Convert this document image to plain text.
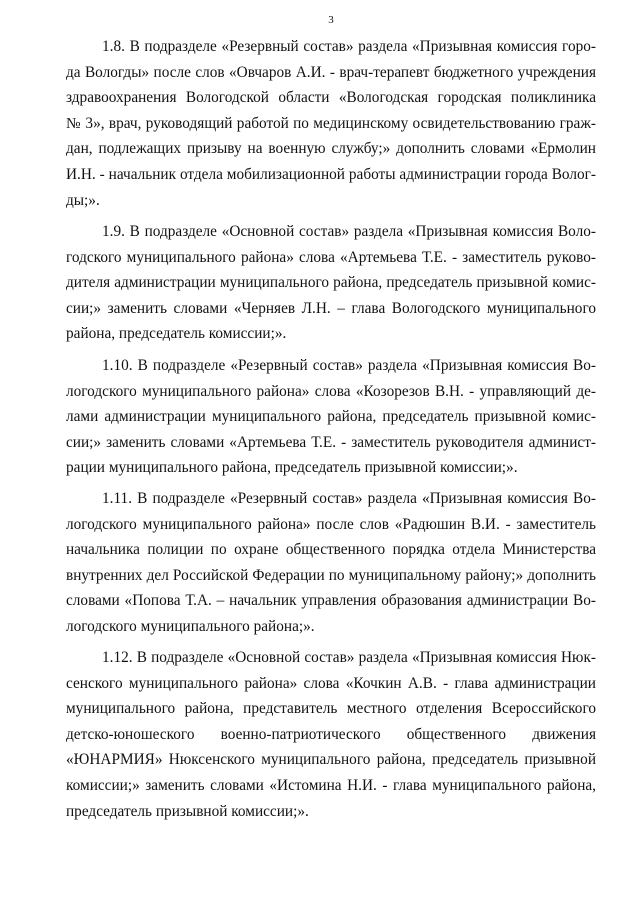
3
1.8. В подразделе «Резервный состав» раздела «Призывная комиссия горо-
да Вологды» после слов «Овчаров А.И. - врач-терапевт бюджетного учреждения
здравоохранения Вологодской области «Вологодская городская поликлиника
№ 3», врач, руководящий работой по медицинскому освидетельствованию граж-
дан, подлежащих призыву на военную службу;» дополнить словами «Ермолин
И.Н. - начальник отдела мобилизационной работы администрации города Волог-
ды;».
1.9. В подразделе «Основной состав» раздела «Призывная комиссия Воло-
годского муниципального района» слова «Артемьева Т.Е. - заместитель руково-
дителя администрации муниципального района, председатель призывной комис-
сии;» заменить словами «Черняев Л.Н. – глава Вологодского муниципального
района, председатель комиссии;».
1.10. В подразделе «Резервный состав» раздела «Призывная комиссия Во-
логодского муниципального района» слова «Козорезов В.Н. - управляющий де-
лами администрации муниципального района, председатель призывной комис-
сии;» заменить словами «Артемьева Т.Е. - заместитель руководителя админист-
рации муниципального района, председатель призывной комиссии;».
1.11. В подразделе «Резервный состав» раздела «Призывная комиссия Во-
логодского муниципального района» после слов «Радюшин В.И. - заместитель
начальника полиции по охране общественного порядка отдела Министерства
внутренних дел Российской Федерации по муниципальному району;» дополнить
словами «Попова Т.А. – начальник управления образования администрации Во-
логодского муниципального района;».
1.12. В подразделе «Основной состав» раздела «Призывная комиссия Нюк-
сенского муниципального района» слова «Кочкин А.В. - глава администрации
муниципального района, представитель местного отделения Всероссийского
детско-юношеского военно-патриотического общественного движения
«ЮНАРМИЯ» Нюксенского муниципального района, председатель призывной
комиссии;» заменить словами «Истомина Н.И. - глава муниципального района,
председатель призывной комиссии;».
